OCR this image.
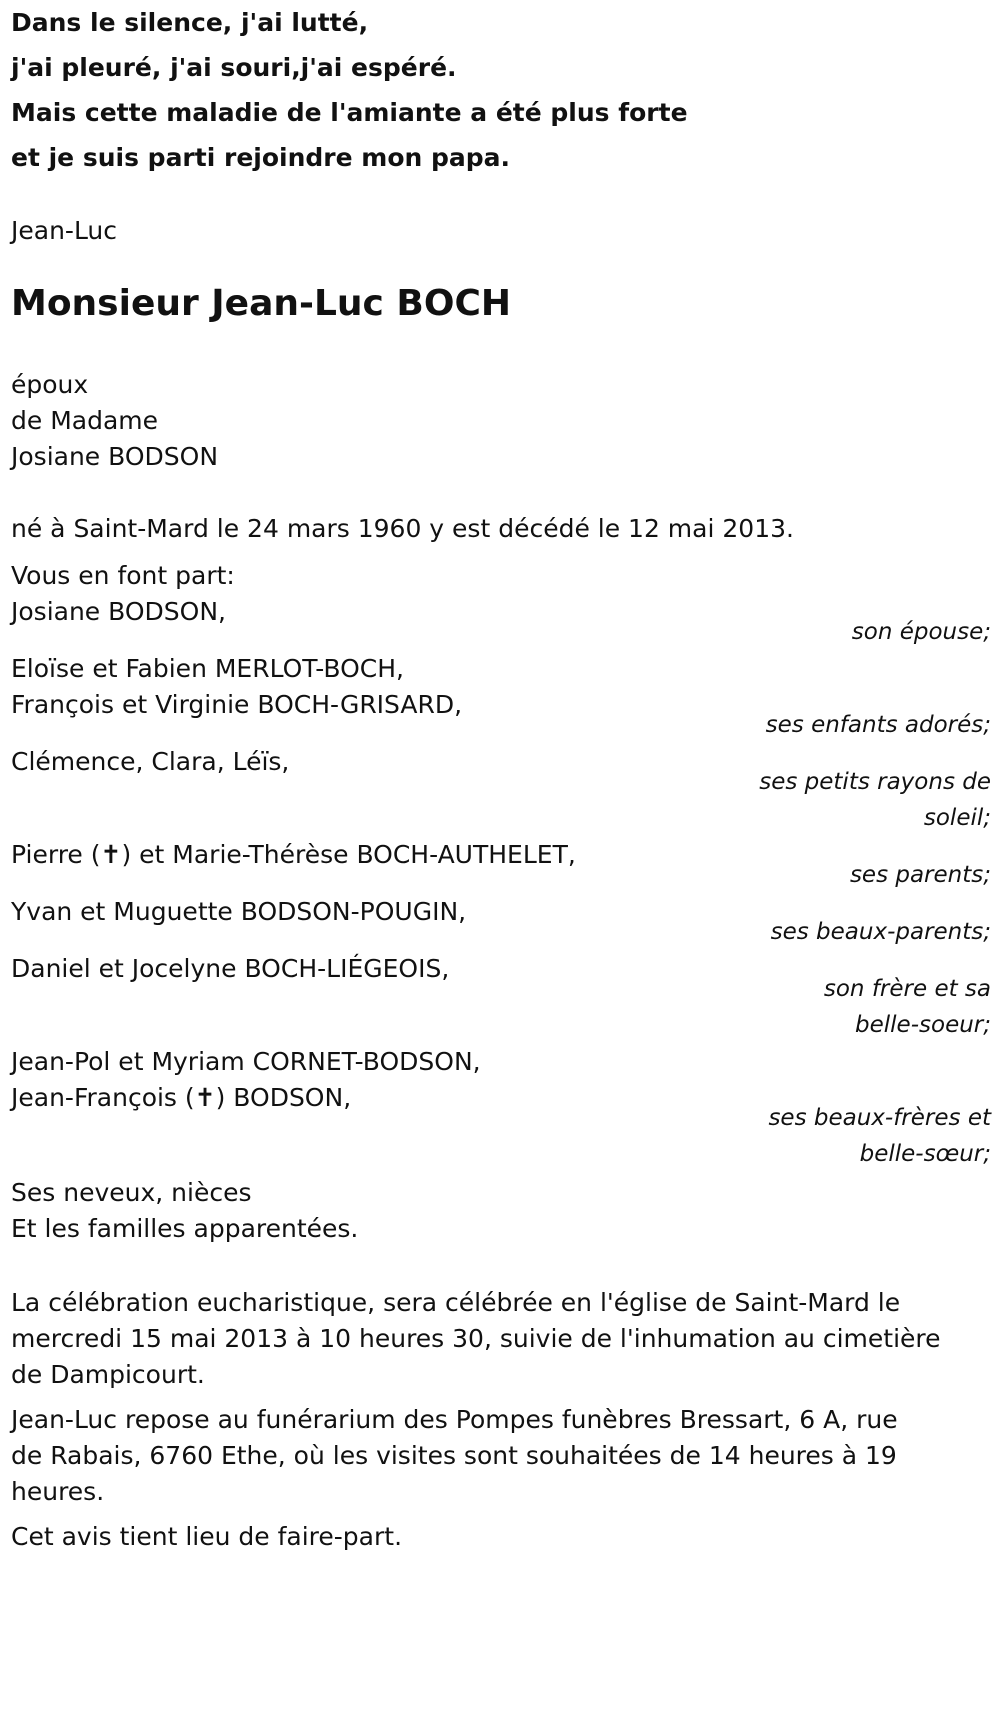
Dans le silence, j'ai lutté,
j'ai pleuré, j'ai souri,j'ai espéré.
Mais cette maladie de l'amiante a été plus forte
et je suis parti rejoindre mon papa.
Jean-Luc
Monsieur Jean-Luc BOCH
époux
de Madame
Josiane BODSON
né à Saint-Mard le 24 mars 1960 y est décédé le 12 mai 2013.
Vous en font part:
Josiane BODSON,
son épouse;
Eloïse et Fabien MERLOT-BOCH,
François et Virginie BOCH-GRISARD,
ses enfants adorés;
Clémence, Clara, Léïs,
ses petits rayons de
soleil;
Pierre (✝) et Marie-Thérèse BOCH-AUTHELET,
ses parents;
Yvan et Muguette BODSON-POUGIN,
ses beaux-parents;
Daniel et Jocelyne BOCH-LIÉGEOIS,
son frère et sa
belle-soeur;
Jean-Pol et Myriam CORNET-BODSON,
Jean-François (✝) BODSON,
ses beaux-frères et
belle-sœur;
Ses neveux, nièces
Et les familles apparentées.
La célébration eucharistique, sera célébrée en l'église de Saint-Mard le
mercredi 15 mai 2013 à 10 heures 30, suivie de l'inhumation au cimetière
de Dampicourt.
Jean-Luc repose au funérarium des Pompes funèbres Bressart, 6 A, rue
de Rabais, 6760 Ethe, où les visites sont souhaitées de 14 heures à 19
heures.
Cet avis tient lieu de faire-part.
